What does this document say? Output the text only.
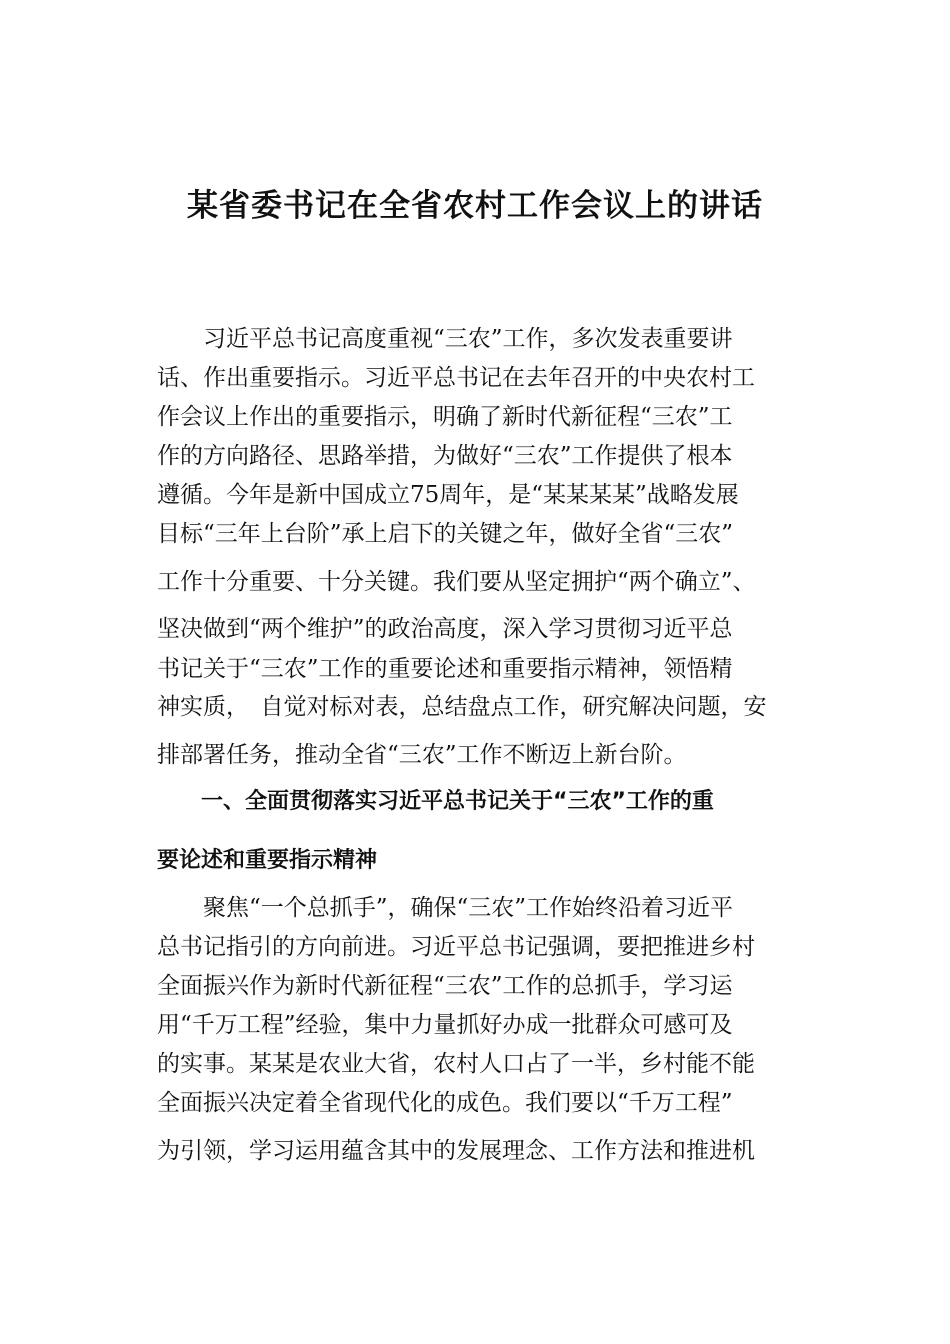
某省委书记在全省农村工作会议上的讲话

　　习近平总书记高度重视“三农”工作，多次发表重要讲

话、作出重要指示。习近平总书记在去年召开的中央农村工

作会议上作出的重要指示，明确了新时代新征程“三农”工

作的方向路径、思路举措，为做好“三农”工作提供了根本

遵循。今年是新中国成立75周年，是“某某某某”战略发展

目标“三年上台阶”承上启下的关键之年，做好全省“三农”

工作十分重要、十分关键。我们要从坚定拥护“两个确立”、

坚决做到“两个维护”的政治高度，深入学习贯彻习近平总

书记关于“三农”工作的重要论述和重要指示精神，领悟精

神实质，　自觉对标对表，总结盘点工作，研究解决问题，安

排部署任务，推动全省“三农”工作不断迈上新台阶。

　　一、全面贯彻落实习近平总书记关于“三农”工作的重

要论述和重要指示精神

　　聚焦“一个总抓手”，确保“三农”工作始终沿着习近平

总书记指引的方向前进。习近平总书记强调，要把推进乡村

全面振兴作为新时代新征程“三农”工作的总抓手，学习运

用“千万工程”经验，集中力量抓好办成一批群众可感可及

的实事。某某是农业大省，农村人口占了一半，乡村能不能

全面振兴决定着全省现代化的成色。我们要以“千万工程”

为引领，学习运用蕴含其中的发展理念、工作方法和推进机
